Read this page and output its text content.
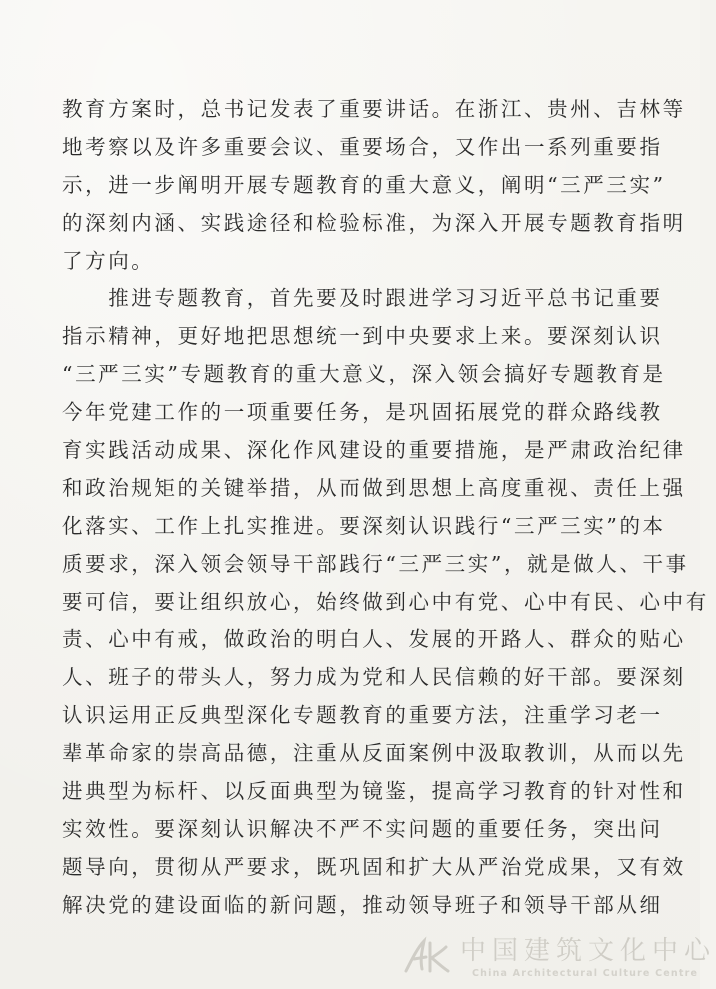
教育方案时，总书记发表了重要讲话。在浙江、贵州、吉林等
地考察以及许多重要会议、重要场合，又作出一系列重要指
示，进一步阐明开展专题教育的重大意义，阐明“三严三实”
的深刻内涵、实践途径和检验标准，为深入开展专题教育指明
了方向。
　　推进专题教育，首先要及时跟进学习习近平总书记重要
指示精神，更好地把思想统一到中央要求上来。要深刻认识
“三严三实”专题教育的重大意义，深入领会搞好专题教育是
今年党建工作的一项重要任务，是巩固拓展党的群众路线教
育实践活动成果、深化作风建设的重要措施，是严肃政治纪律
和政治规矩的关键举措，从而做到思想上高度重视、责任上强
化落实、工作上扎实推进。要深刻认识践行“三严三实”的本
质要求，深入领会领导干部践行“三严三实”，就是做人、干事
要可信，要让组织放心，始终做到心中有党、心中有民、心中有
责、心中有戒，做政治的明白人、发展的开路人、群众的贴心
人、班子的带头人，努力成为党和人民信赖的好干部。要深刻
认识运用正反典型深化专题教育的重要方法，注重学习老一
辈革命家的崇高品德，注重从反面案例中汲取教训，从而以先
进典型为标杆、以反面典型为镜鉴，提高学习教育的针对性和
实效性。要深刻认识解决不严不实问题的重要任务，突出问
题导向，贯彻从严要求，既巩固和扩大从严治党成果，又有效
解决党的建设面临的新问题，推动领导班子和领导干部从细
中国建筑文化中心
China Architectural Culture Centre
